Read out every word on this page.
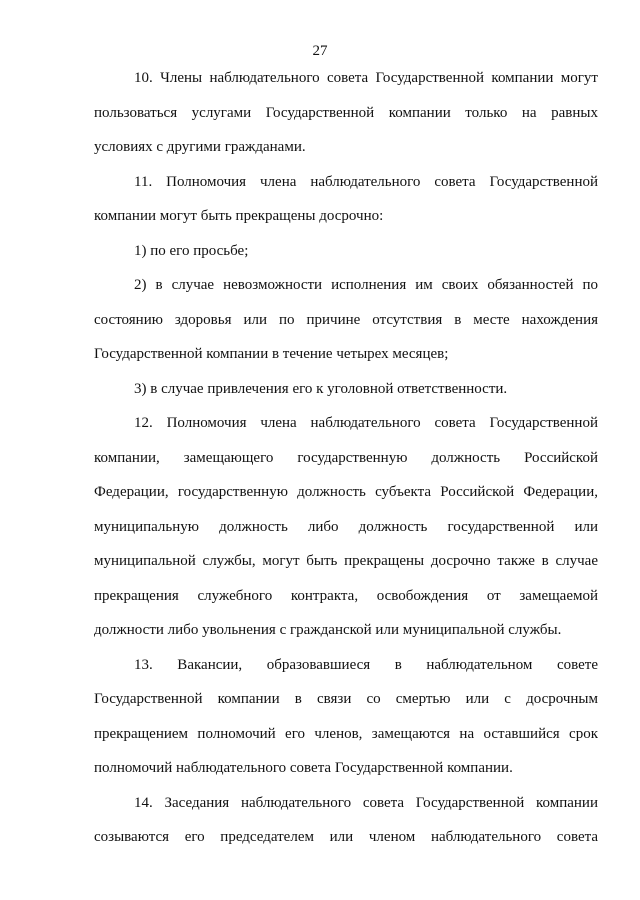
27
10. Члены наблюдательного совета Государственной компании могут
пользоваться услугами Государственной компании только на равных
условиях с другими гражданами.
11. Полномочия члена наблюдательного совета Государственной
компании могут быть прекращены досрочно:
1) по его просьбе;
2) в случае невозможности исполнения им своих обязанностей по
состоянию здоровья или по причине отсутствия в месте нахождения
Государственной компании в течение четырех месяцев;
3) в случае привлечения его к уголовной ответственности.
12. Полномочия члена наблюдательного совета Государственной
компании, замещающего государственную должность Российской
Федерации, государственную должность субъекта Российской Федерации,
муниципальную должность либо должность государственной или
муниципальной службы, могут быть прекращены досрочно также в случае
прекращения служебного контракта, освобождения от замещаемой
должности либо увольнения с гражданской или муниципальной службы.
13. Вакансии, образовавшиеся в наблюдательном совете
Государственной компании в связи со смертью или с досрочным
прекращением полномочий его членов, замещаются на оставшийся срок
полномочий наблюдательного совета Государственной компании.
14. Заседания наблюдательного совета Государственной компании
созываются его председателем или членом наблюдательного совета
